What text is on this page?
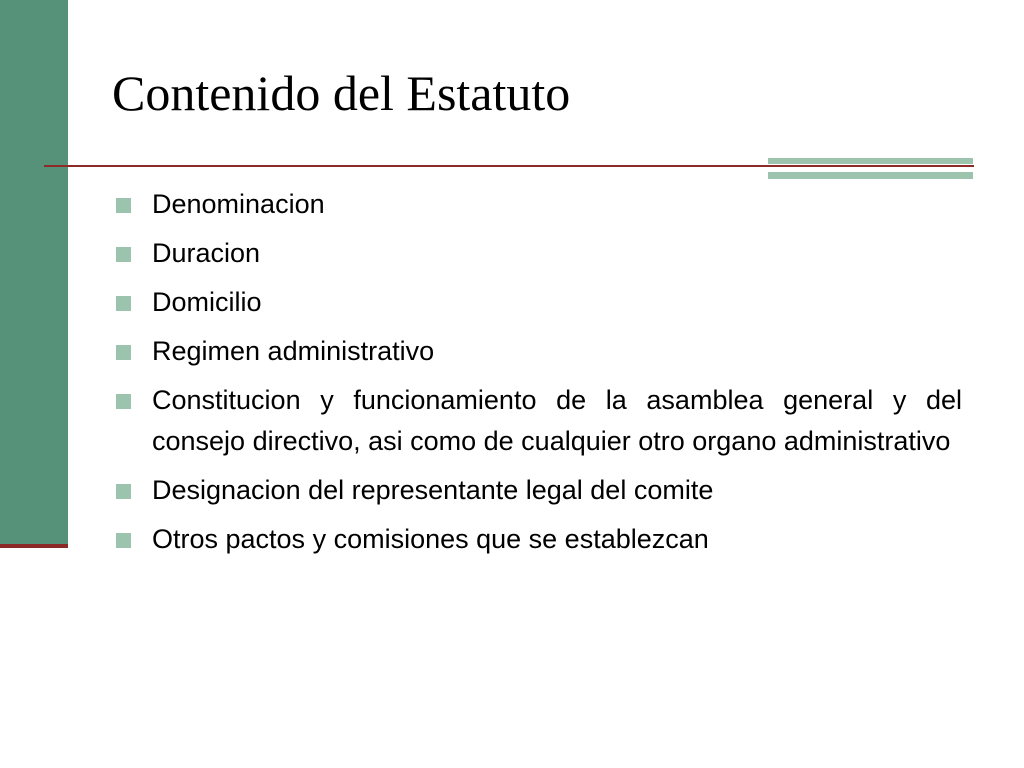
Contenido del Estatuto
Denominacion
Duracion
Domicilio
Regimen administrativo
Constitucion y funcionamiento de la asamblea general y del consejo directivo, asi como de cualquier otro organo administrativo
Designacion del representante legal del comite
Otros pactos y comisiones que se establezcan
